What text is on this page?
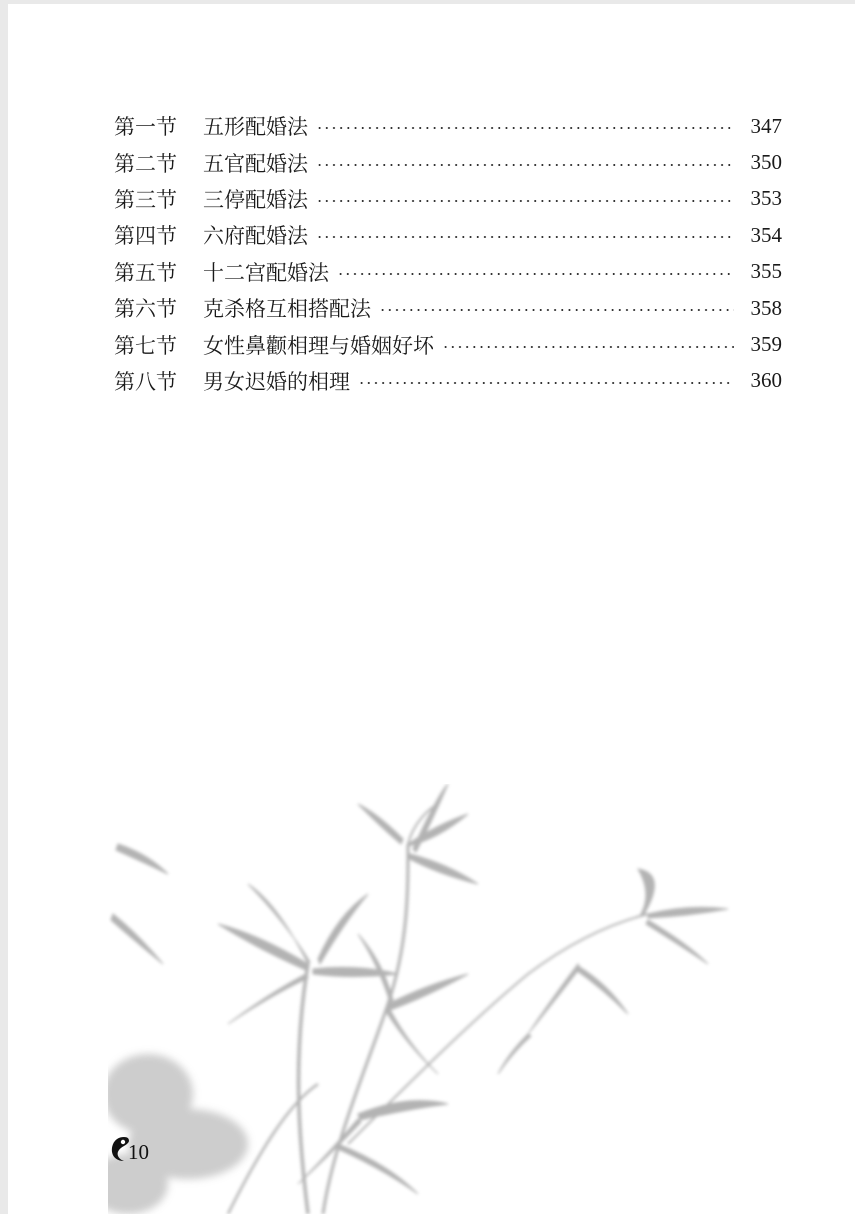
第一节	五形配婚法	347
第二节	五官配婚法	350
第三节	三停配婚法	353
第四节	六府配婚法	354
第五节	十二宫配婚法	355
第六节	克杀格互相搭配法	358
第七节	女性鼻颧相理与婚姻好坏	359
第八节	男女迟婚的相理	360
10
